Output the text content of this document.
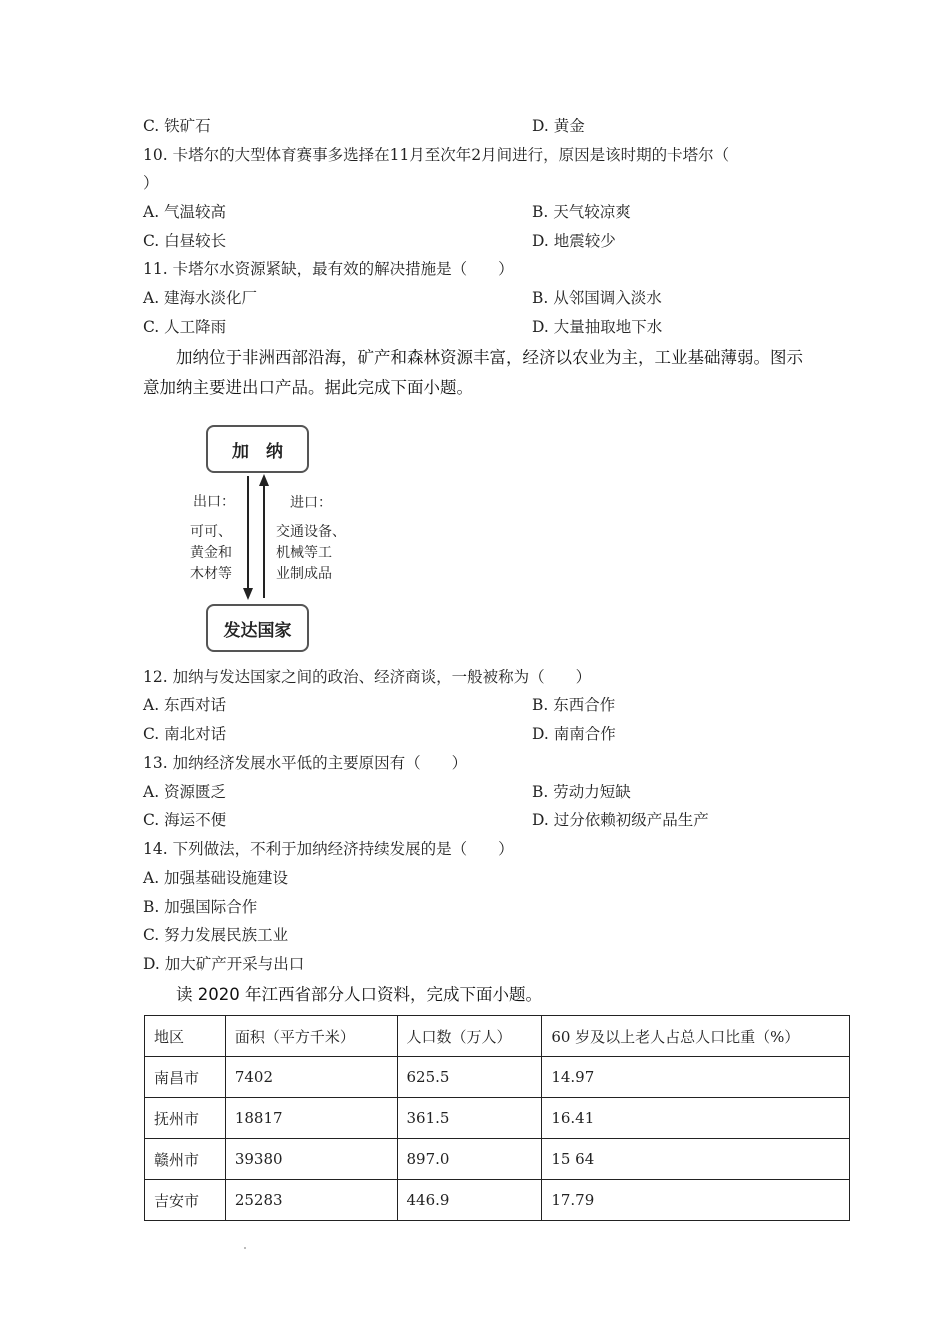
C. 铁矿石	D. 黄金
10. 卡塔尔的大型体育赛事多选择在11月至次年2月间进行，原因是该时期的卡塔尔（
）
A. 气温较高	B. 天气较凉爽
C. 白昼较长	D. 地震较少
11. 卡塔尔水资源紧缺，最有效的解决措施是（　　）
A. 建海水淡化厂	B. 从邻国调入淡水
C. 人工降雨	D. 大量抽取地下水
加纳位于非洲西部沿海，矿产和森林资源丰富，经济以农业为主，工业基础薄弱。图示意加纳主要进出口产品。据此完成下面小题。
加　纳
发达国家
出口：
可可、
黄金和
木材等
进口：
交通设备、
机械等工
业制成品
12. 加纳与发达国家之间的政治、经济商谈，一般被称为（　　）
A. 东西对话	B. 东西合作
C. 南北对话	D. 南南合作
13. 加纳经济发展水平低的主要原因有（　　）
A. 资源匮乏	B. 劳动力短缺
C. 海运不便	D. 过分依赖初级产品生产
14. 下列做法，不利于加纳经济持续发展的是（　　）
A. 加强基础设施建设
B. 加强国际合作
C. 努力发展民族工业
D. 加大矿产开采与出口
读 2020 年江西省部分人口资料，完成下面小题。
地区	面积（平方千米）	人口数（万人）	60 岁及以上老人占总人口比重（%）
南昌市	7402	625.5	14.97
抚州市	18817	361.5	16.41
赣州市	39380	897.0	15 64
吉安市	25283	446.9	17.79
